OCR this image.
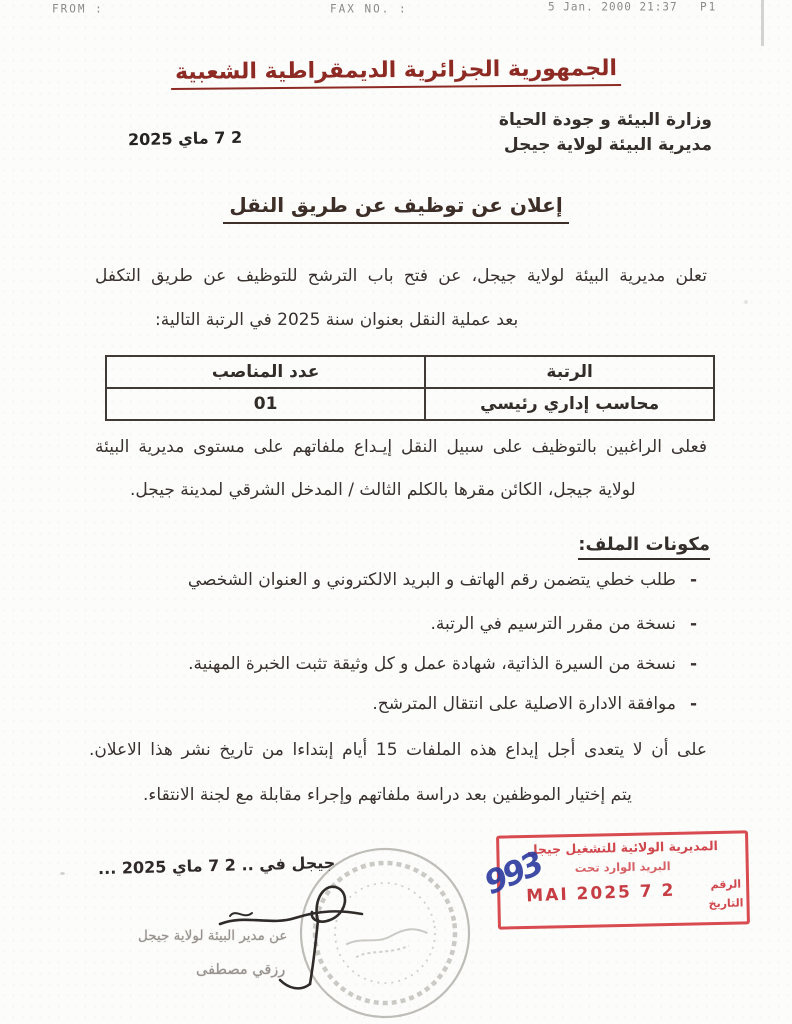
FROM :	FAX NO. :	5 Jan. 2000 21:37 P1
الجمهورية الجزائرية الديمقراطية الشعبية
وزارة البيئة و جودة الحياة
مديرية البيئة لولاية جيجل
2 7 ماي 2025
إعلان عن توظيف عن طريق النقل
تعلن مديرية البيئة لولاية جيجل، عن فتح باب الترشح للتوظيف عن طريق التكفل
بعد عملية النقل بعنوان سنة 2025 في الرتبة التالية:
الرتبة	عدد المناصب
محاسب إداري رئيسي	01
فعلى الراغبين بالتوظيف على سبيل النقل إيـداع ملفاتهم على مستوى مديرية البيئة
لولاية جيجل، الكائن مقرها بالكلم الثالث / المدخل الشرقي لمدينة جيجل.
مكونات الملف:
-طلب خطي يتضمن رقم الهاتف و البريد الالكتروني و العنوان الشخصي
-نسخة من مقرر الترسيم في الرتبة.
-نسخة من السيرة الذاتية، شهادة عمل و كل وثيقة تثبت الخبرة المهنية.
-موافقة الادارة الاصلية على انتقال المترشح.
على أن لا يتعدى أجل إيداع هذه الملفات 15 أيام إبتداءا من تاريخ نشر هذا الاعلان.
يتم إختيار الموظفين بعد دراسة ملفاتهم وإجراء مقابلة مع لجنة الانتقاء.
جيجل في .. 2 7 ماي 2025 ...
عن مدير البيئة لولاية جيجل
رزقي مصطفى
المديرية الولائية للتشغيل جيجل
البريد الوارد تحت
الرقم
التاريخ
2 7 MAI 2025
993
